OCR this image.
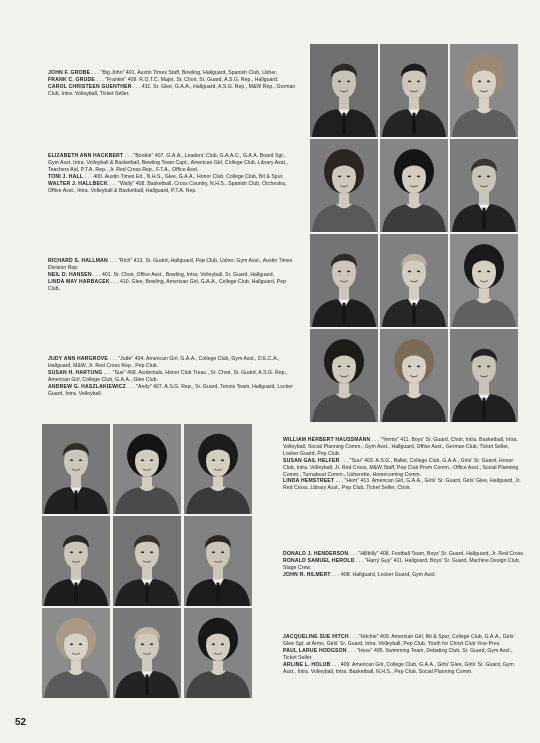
JOHN F. GROBE . . . "Big John" 401. Austin Times Staff, Bowling, Hallguard, Spanish Club, Usher.

FRANK C. GRUDE . . . "Frankie" 409. R.O.T.C. Major, Sr. Choir, Sr. Guard, A.S.G. Rep., Hallguard.

CAROL CHRISTEEN GUENTHER . . . 411. Sr. Glee, G.A.A., Hallguard, A.S.G. Rep., M&W Rep., Gorman Club, Intra. Volleyball, Ticket Seller.

ELIZABETH ANN HACKBERT . . . "Boobie" 407. G.A.A., Leaders' Club, G.A.A.C., G.A.A. Board Sgt., Gym Asst. Intra. Volleyball & Basketball, Bowling Team Capt., American Girl, College Club, Library Asst., Teachers Aid, P.T.A. Rep., Jr. Red Cross Rep., F.T.A., Office Asst.

TONI J. HALL . . . 400. Austin Times Ed., N.H.S., Glee, G.A.A., Honor Club, College Club, Bit & Spur.

WALTER J. HALLBECK . . . "Wally" 408. Basketball, Cross Country, N.H.S., Spanish Club, Orchestra, Office Asst., Intra. Volleyball & Basketball, Hallguard, P.T.A. Rep.

RICHARD S. HALLMAN . . . "Rich" 413. Sr. Guard, Hallguard, Pep Club, Usher, Gym Asst., Austin Times Division Rep.

NEIL D. HANSEN . . . 401. Sr. Choir, Office Asst., Bowling, Intra. Volleyball, Sr. Guard, Hallguard.

LINDA MAY HARBACEK . . . 410. Glee, Bowling, American Girl, G.A.A., College Club, Hallguard, Pep Club.

JUDY ANN HARGROVE . . . "Jude" 404. American Girl, G.A.A., College Club, Gym Asst., D.E.C.A., Hallguard, M&W, Jr. Red Cross Rep., Pep Club.

SUSAN H. HARTUNG . . . "Sue" 408. Acidentals, Honor Club Treas., Sr. Choir, Sr. Guard, A.S.G. Rep., American Girl, College Club, G.A.A., Glee Club.

ANDREW G. HASZLAKIEWICZ . . . "Andy" 407. A.S.G. Rep., Sr. Guard, Tennis Team, Hallguard, Locker Guard, Intra. Volleyball.

WILLIAM HERBERT HAUSSMANN . . . "Yerms" 411. Boys' Sr. Guard, Choir, Intra. Basketball, Intra. Volleyball, Social Planning Comm., Gym Asst., Hallguard, Office Asst., German Club, Ticket Seller, Locker Guard, Pep Club.

SUSAN GAIL HELFER . . . "Suu" 403. A.S.G., Ballet, College Club, G.A.A., Girls' Sr. Guard, Honor Club, Intra. Volleyball, Jr. Red Cross, M&W Staff, Pep Club Prom Comm., Office Asst., Social Planning Comm., Turnabout Comm., Usherette, Homecoming Comm.

LINDA HEMSTREET . . . "Hem" 413. American Girl, G.A.A., Girls' Sr. Guard, Girls' Glee, Hallguard, Jr. Red Cross, Library Asst., Pep Club, Ticket Seller, Choir.

DONALD J. HENDERSON . . . "Hillbilly" 408. Football Team, Boys' Sr. Guard, Hallguard, Jr. Red Cross.

RONALD SAMUEL HEROLD . . . "Harry Guy" 411. Hallguard, Boys' Sr. Guard, Machine Design Club, Stage Crew.

JOHN R. HILMERT . . . 408. Hallguard, Locker Guard, Gym Asst.

JACQUELINE SUE HITCH . . . "Hitchie" 409. American Girl, Bit & Spur, College Club, G.A.A., Girls' Glee Sgt. at Arms, Girls' Sr. Guard, Intra. Volleyball, Pep Club, Youth for Christ Club Vice-Pres.

PAUL LARUE HODGSON . . . "Hoss" 405. Swimming Team, Debating Club, Sr. Guard, Gym Asst., Ticket Seller.

ARLINE L. HOLUB . . . 409. American Girl, College Club, G.A.A., Girls' Glee, Girls' Sr. Guard, Gym Asst., Intra. Volleyball, Intra. Basketball, N.H.S., Pep Club, Social Planning Comm.

52
